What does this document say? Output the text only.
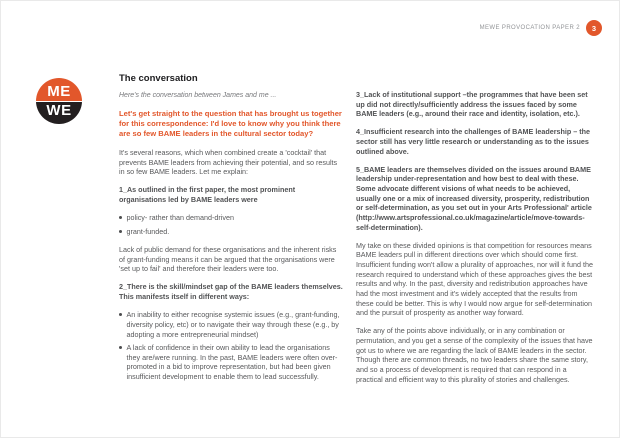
MEWE PROVOCATION PAPER 2	3
ME
WE
The conversation
Here's the conversation between James and me ...
Let's get straight to the question that has brought us together for this correspondence: I'd love to know why you think there are so few BAME leaders in the cultural sector today?

It's several reasons, which when combined create a 'cocktail' that prevents BAME leaders from achieving their potential, and so results in so few BAME leaders. Let me explain:

1_As outlined in the first paper, the most prominent organisations led by BAME leaders were

policy- rather than demand-driven
grant-funded.

Lack of public demand for these organisations and the inherent risks of grant-funding means it can be argued that the organisations were 'set up to fail' and therefore their leaders were too.

2_There is the skill/mindset gap of the BAME leaders themselves. This manifests itself in different ways:

An inability to either recognise systemic issues (e.g., grant-funding, diversity policy, etc) or to navigate their way through these (e.g., by adopting a more entrepreneurial mindset)
A lack of confidence in their own ability to lead the organisations they are/were running. In the past, BAME leaders were often over-promoted in a bid to improve representation, but had been given insufficient development to enable them to lead successfully.

3_Lack of institutional support –the programmes that have been set up did not directly/sufficiently address the issues faced by some BAME leaders (e.g., around their race and identity, isolation, etc.).

4_Insufficient research into the challenges of BAME leadership – the sector still has very little research or understanding as to the issues outlined above.

5_BAME leaders are themselves divided on the issues around BAME leadership under-representation and how best to deal with these. Some advocate different visions of what needs to be achieved, usually one or a mix of increased diversity, prosperity, redistribution or self-determination, as you set out in your Arts Professional' article (http://www.artsprofessional.co.uk/magazine/article/move-towards-self-determination).

My take on these divided opinions is that competition for resources means BAME leaders pull in different directions over which should come first. Insufficient funding won't allow a plurality of approaches, nor will it fund the research required to understand which of these approaches gives the best results and why. In the past, diversity and redistribution approaches have had the most investment and it's widely accepted that the results from these could be better. This is why I would now argue for self-determination and the pursuit of prosperity as another way forward.

Take any of the points above individually, or in any combination or permutation, and you get a sense of the complexity of the issues that have got us to where we are regarding the lack of BAME leaders in the sector. Though there are common threads, no two leaders share the same story, and so a process of development is required that can respond in a practical and efficient way to this plurality of stories and challenges.
